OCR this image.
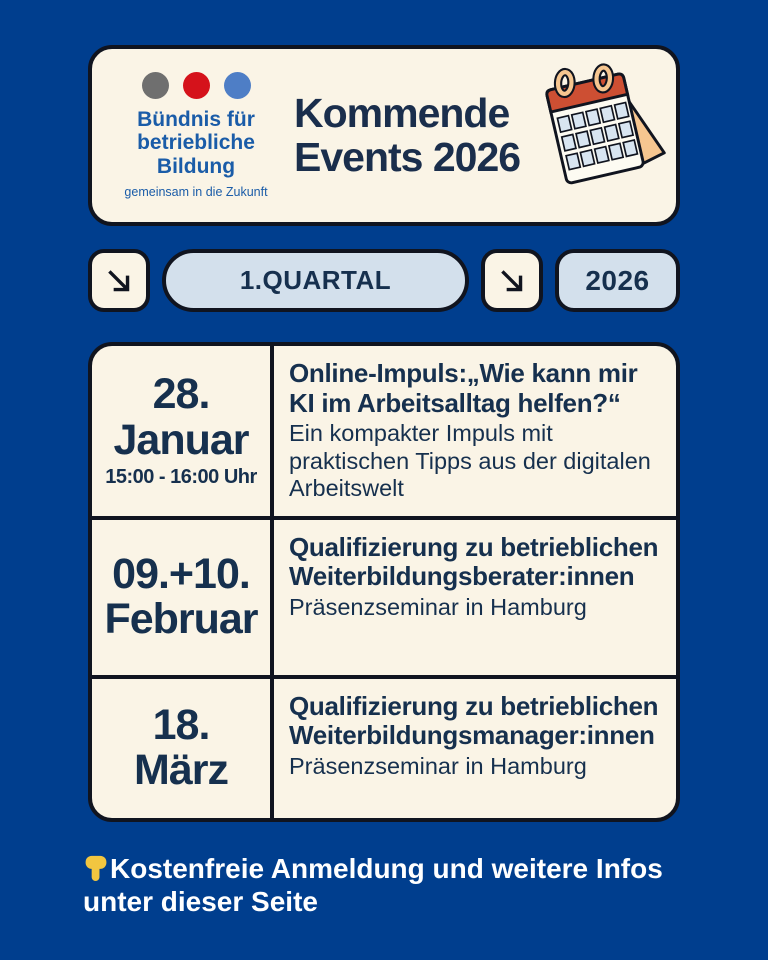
Bündnis für
betriebliche
Bildung
gemeinsam in die Zukunft
Kommende
Events 2026
1.QUARTAL	2026
28.
Januar
15:00 - 16:00 Uhr
Online-Impuls:„Wie kann mir KI im Arbeitsalltag helfen?“
Ein kompakter Impuls mit praktischen Tipps aus der digitalen Arbeitswelt
09.+10.
Februar
Qualifizierung zu betrieblichen Weiterbildungsberater:innen
Präsenzseminar in Hamburg
18.
März
Qualifizierung zu betrieblichen Weiterbildungsmanager:innen
Präsenzseminar in Hamburg
Kostenfreie Anmeldung und weitere Infos
unter dieser Seite
